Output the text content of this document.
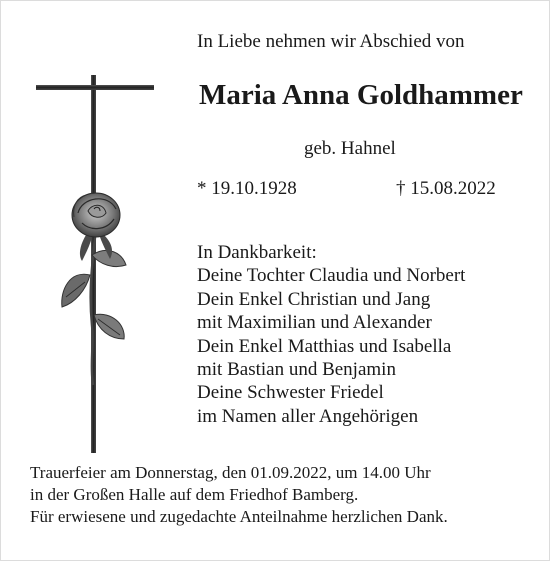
In Liebe nehmen wir Abschied von
Maria Anna Goldhammer
geb. Hahnel
* 19.10.1928	† 15.08.2022
In Dankbarkeit:
Deine Tochter Claudia und Norbert
Dein Enkel Christian und Jang
mit Maximilian und Alexander
Dein Enkel Matthias und Isabella
mit Bastian und Benjamin
Deine Schwester Friedel
im Namen aller Angehörigen
Trauerfeier am Donnerstag, den 01.09.2022, um 14.00 Uhr
in der Großen Halle auf dem Friedhof Bamberg.
Für erwiesene und zugedachte Anteilnahme herzlichen Dank.
